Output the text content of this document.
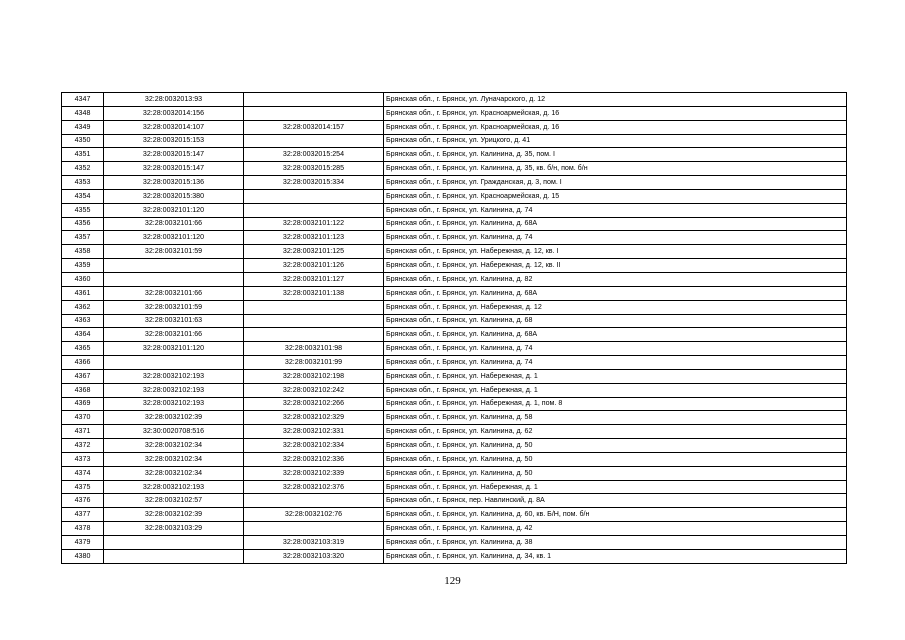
4347	32:28:0032013:93		Брянская обл., г. Брянск, ул. Луначарского, д. 12
4348	32:28:0032014:156		Брянская обл., г. Брянск, ул. Красноармейская, д. 16
4349	32:28:0032014:107	32:28:0032014:157	Брянская обл., г. Брянск, ул. Красноармейская, д. 16
4350	32:28:0032015:153		Брянская обл., г. Брянск, ул. Урицкого, д. 41
4351	32:28:0032015:147	32:28:0032015:254	Брянская обл., г. Брянск, ул. Калинина, д. 35, пом. I
4352	32:28:0032015:147	32:28:0032015:285	Брянская обл., г. Брянск, ул. Калинина, д. 35, кв. б/н, пом. б/н
4353	32:28:0032015:136	32:28:0032015:334	Брянская обл., г. Брянск, ул. Гражданская, д. 3, пом. I
4354	32:28:0032015:380		Брянская обл., г. Брянск, ул. Красноармейская, д. 15
4355	32:28:0032101:120		Брянская обл., г. Брянск, ул. Калинина, д. 74
4356	32:28:0032101:66	32:28:0032101:122	Брянская обл., г. Брянск, ул. Калинина, д. 68А
4357	32:28:0032101:120	32:28:0032101:123	Брянская обл., г. Брянск, ул. Калинина, д. 74
4358	32:28:0032101:59	32:28:0032101:125	Брянская обл., г. Брянск, ул. Набережная, д. 12, кв. I
4359		32:28:0032101:126	Брянская обл., г. Брянск, ул. Набережная, д. 12, кв. II
4360		32:28:0032101:127	Брянская обл., г. Брянск, ул. Калинина, д. 82
4361	32:28:0032101:66	32:28:0032101:138	Брянская обл., г. Брянск, ул. Калинина, д. 68А
4362	32:28:0032101:59		Брянская обл., г. Брянск, ул. Набережная, д. 12
4363	32:28:0032101:63		Брянская обл., г. Брянск, ул. Калинина, д. 68
4364	32:28:0032101:66		Брянская обл., г. Брянск, ул. Калинина, д. 68А
4365	32:28:0032101:120	32:28:0032101:98	Брянская обл., г. Брянск, ул. Калинина, д. 74
4366		32:28:0032101:99	Брянская обл., г. Брянск, ул. Калинина, д. 74
4367	32:28:0032102:193	32:28:0032102:198	Брянская обл., г. Брянск, ул. Набережная, д. 1
4368	32:28:0032102:193	32:28:0032102:242	Брянская обл., г. Брянск, ул. Набережная, д. 1
4369	32:28:0032102:193	32:28:0032102:266	Брянская обл., г. Брянск, ул. Набережная, д. 1, пом. 8
4370	32:28:0032102:39	32:28:0032102:329	Брянская обл., г. Брянск, ул. Калинина, д. 58
4371	32:30:0020708:516	32:28:0032102:331	Брянская обл., г. Брянск, ул. Калинина, д. 62
4372	32:28:0032102:34	32:28:0032102:334	Брянская обл., г. Брянск, ул. Калинина, д. 50
4373	32:28:0032102:34	32:28:0032102:336	Брянская обл., г. Брянск, ул. Калинина, д. 50
4374	32:28:0032102:34	32:28:0032102:339	Брянская обл., г. Брянск, ул. Калинина, д. 50
4375	32:28:0032102:193	32:28:0032102:376	Брянская обл., г. Брянск, ул. Набережная, д. 1
4376	32:28:0032102:57		Брянская обл., г. Брянск, пер. Навлинский, д. 8А
4377	32:28:0032102:39	32:28:0032102:76	Брянская обл., г. Брянск, ул. Калинина, д. 60, кв. Б/Н, пом. б/н
4378	32:28:0032103:29		Брянская обл., г. Брянск, ул. Калинина, д. 42
4379		32:28:0032103:319	Брянская обл., г. Брянск, ул. Калинина, д. 38
4380		32:28:0032103:320	Брянская обл., г. Брянск, ул. Калинина, д. 34, кв. 1
129
